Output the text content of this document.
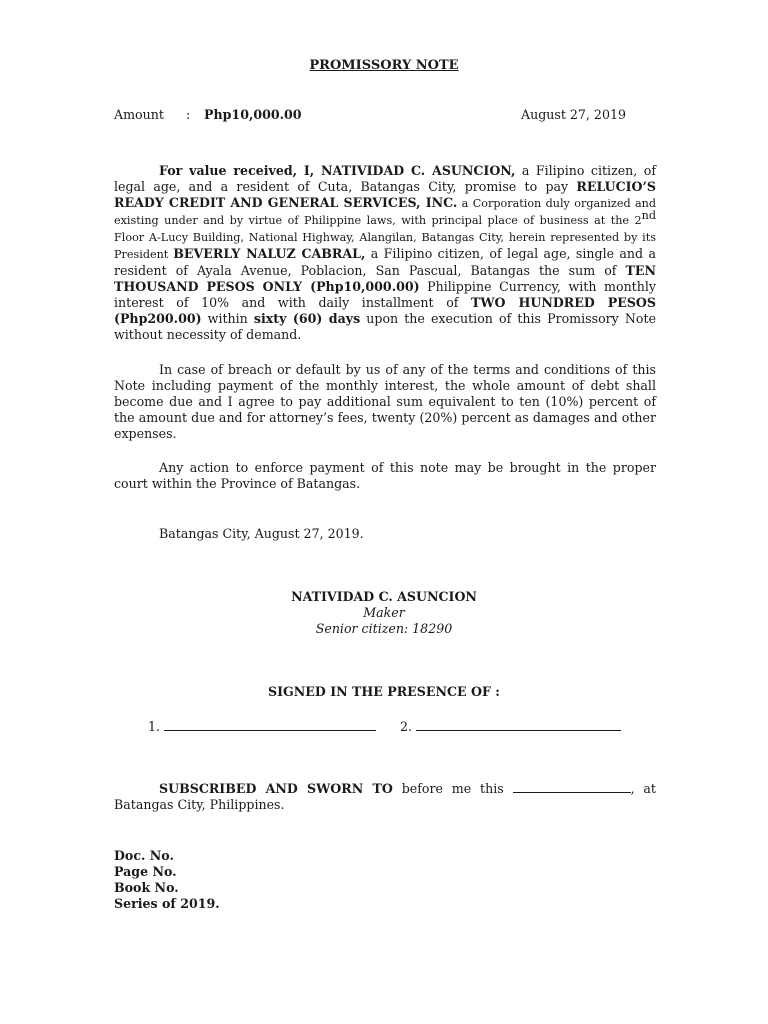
PROMISSORY NOTE
Amount : Php10,000.00	August 27, 2019
For value received, I, NATIVIDAD C. ASUNCION, a Filipino citizen, of legal age, and a resident of Cuta, Batangas City, promise to pay RELUCIO’S READY CREDIT AND GENERAL SERVICES, INC. a Corporation duly organized and existing under and by virtue of Philippine laws, with principal place of business at the 2nd Floor A-Lucy Building, National Highway, Alangilan, Batangas City, herein represented by its President BEVERLY NALUZ CABRAL, a Filipino citizen, of legal age, single and a resident of Ayala Avenue, Poblacion, San Pascual, Batangas the sum of TEN THOUSAND PESOS ONLY (Php10,000.00) Philippine Currency, with monthly interest of 10% and with daily installment of TWO HUNDRED PESOS (Php200.00) within sixty (60) days upon the execution of this Promissory Note without necessity of demand.
In case of breach or default by us of any of the terms and conditions of this Note including payment of the monthly interest, the whole amount of debt shall become due and I agree to pay additional sum equivalent to ten (10%) percent of the amount due and for attorney’s fees, twenty (20%) percent as damages and other expenses.
Any action to enforce payment of this note may be brought in the proper court within the Province of Batangas.
Batangas City, August 27, 2019.
NATIVIDAD C. ASUNCION
Maker
Senior citizen: 18290
SIGNED IN THE PRESENCE OF :
1.	2.
SUBSCRIBED AND SWORN TO before me this	, at Batangas City, Philippines.
Doc. No.
Page No.
Book No.
Series of 2019.
